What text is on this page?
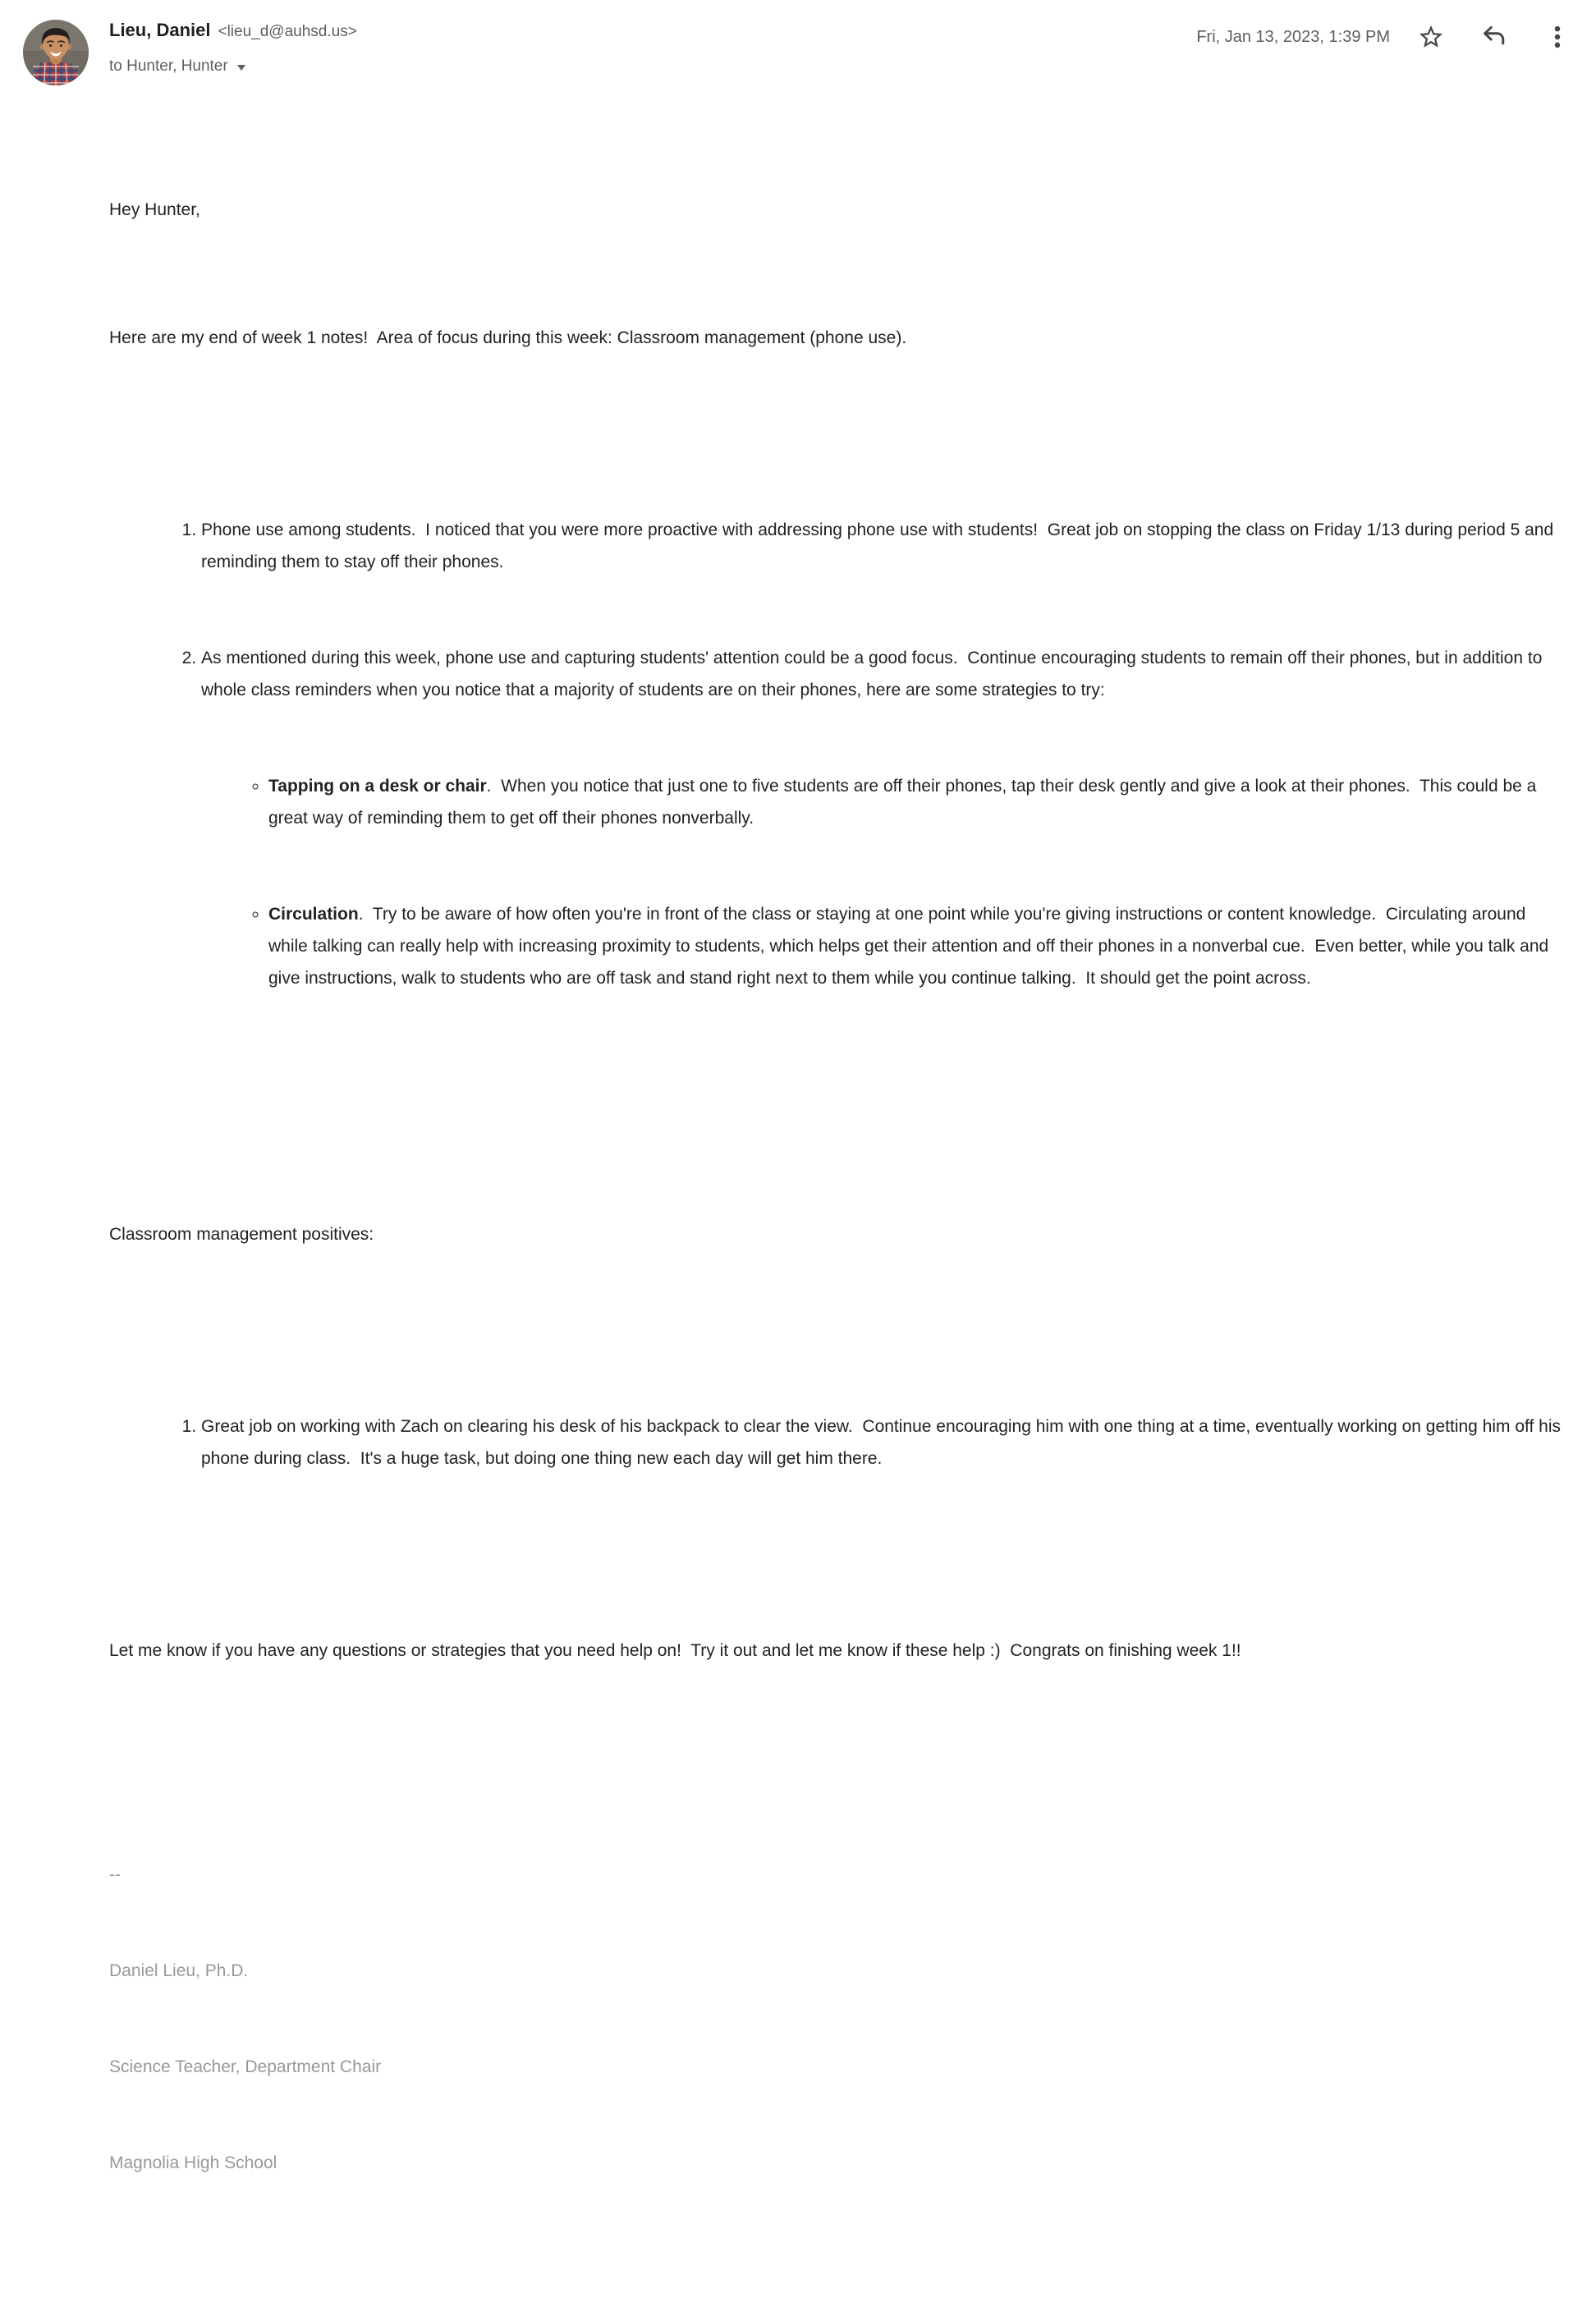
Lieu, Daniel <lieu_d@auhsd.us>
to Hunter, Hunter
Fri, Jan 13, 2023, 1:39 PM

Hey Hunter,

Here are my end of week 1 notes!  Area of focus during this week: Classroom management (phone use).

1. Phone use among students.  I noticed that you were more proactive with addressing phone use with students!  Great job on stopping the class on Friday 1/13 during period 5 and reminding them to stay off their phones.

2. As mentioned during this week, phone use and capturing students' attention could be a good focus.  Continue encouraging students to remain off their phones, but in addition to whole class reminders when you notice that a majority of students are on their phones, here are some strategies to try:

◦ Tapping on a desk or chair.  When you notice that just one to five students are off their phones, tap their desk gently and give a look at their phones.  This could be a great way of reminding them to get off their phones nonverbally.

◦ Circulation.  Try to be aware of how often you're in front of the class or staying at one point while you're giving instructions or content knowledge.  Circulating around while talking can really help with increasing proximity to students, which helps get their attention and off their phones in a nonverbal cue.  Even better, while you talk and give instructions, walk to students who are off task and stand right next to them while you continue talking.  It should get the point across.

Classroom management positives:

1. Great job on working with Zach on clearing his desk of his backpack to clear the view.  Continue encouraging him with one thing at a time, eventually working on getting him off his phone during class.  It's a huge task, but doing one thing new each day will get him there.

Let me know if you have any questions or strategies that you need help on!  Try it out and let me know if these help :)  Congrats on finishing week 1!!

--

Daniel Lieu, Ph.D.

Science Teacher, Department Chair

Magnolia High School
